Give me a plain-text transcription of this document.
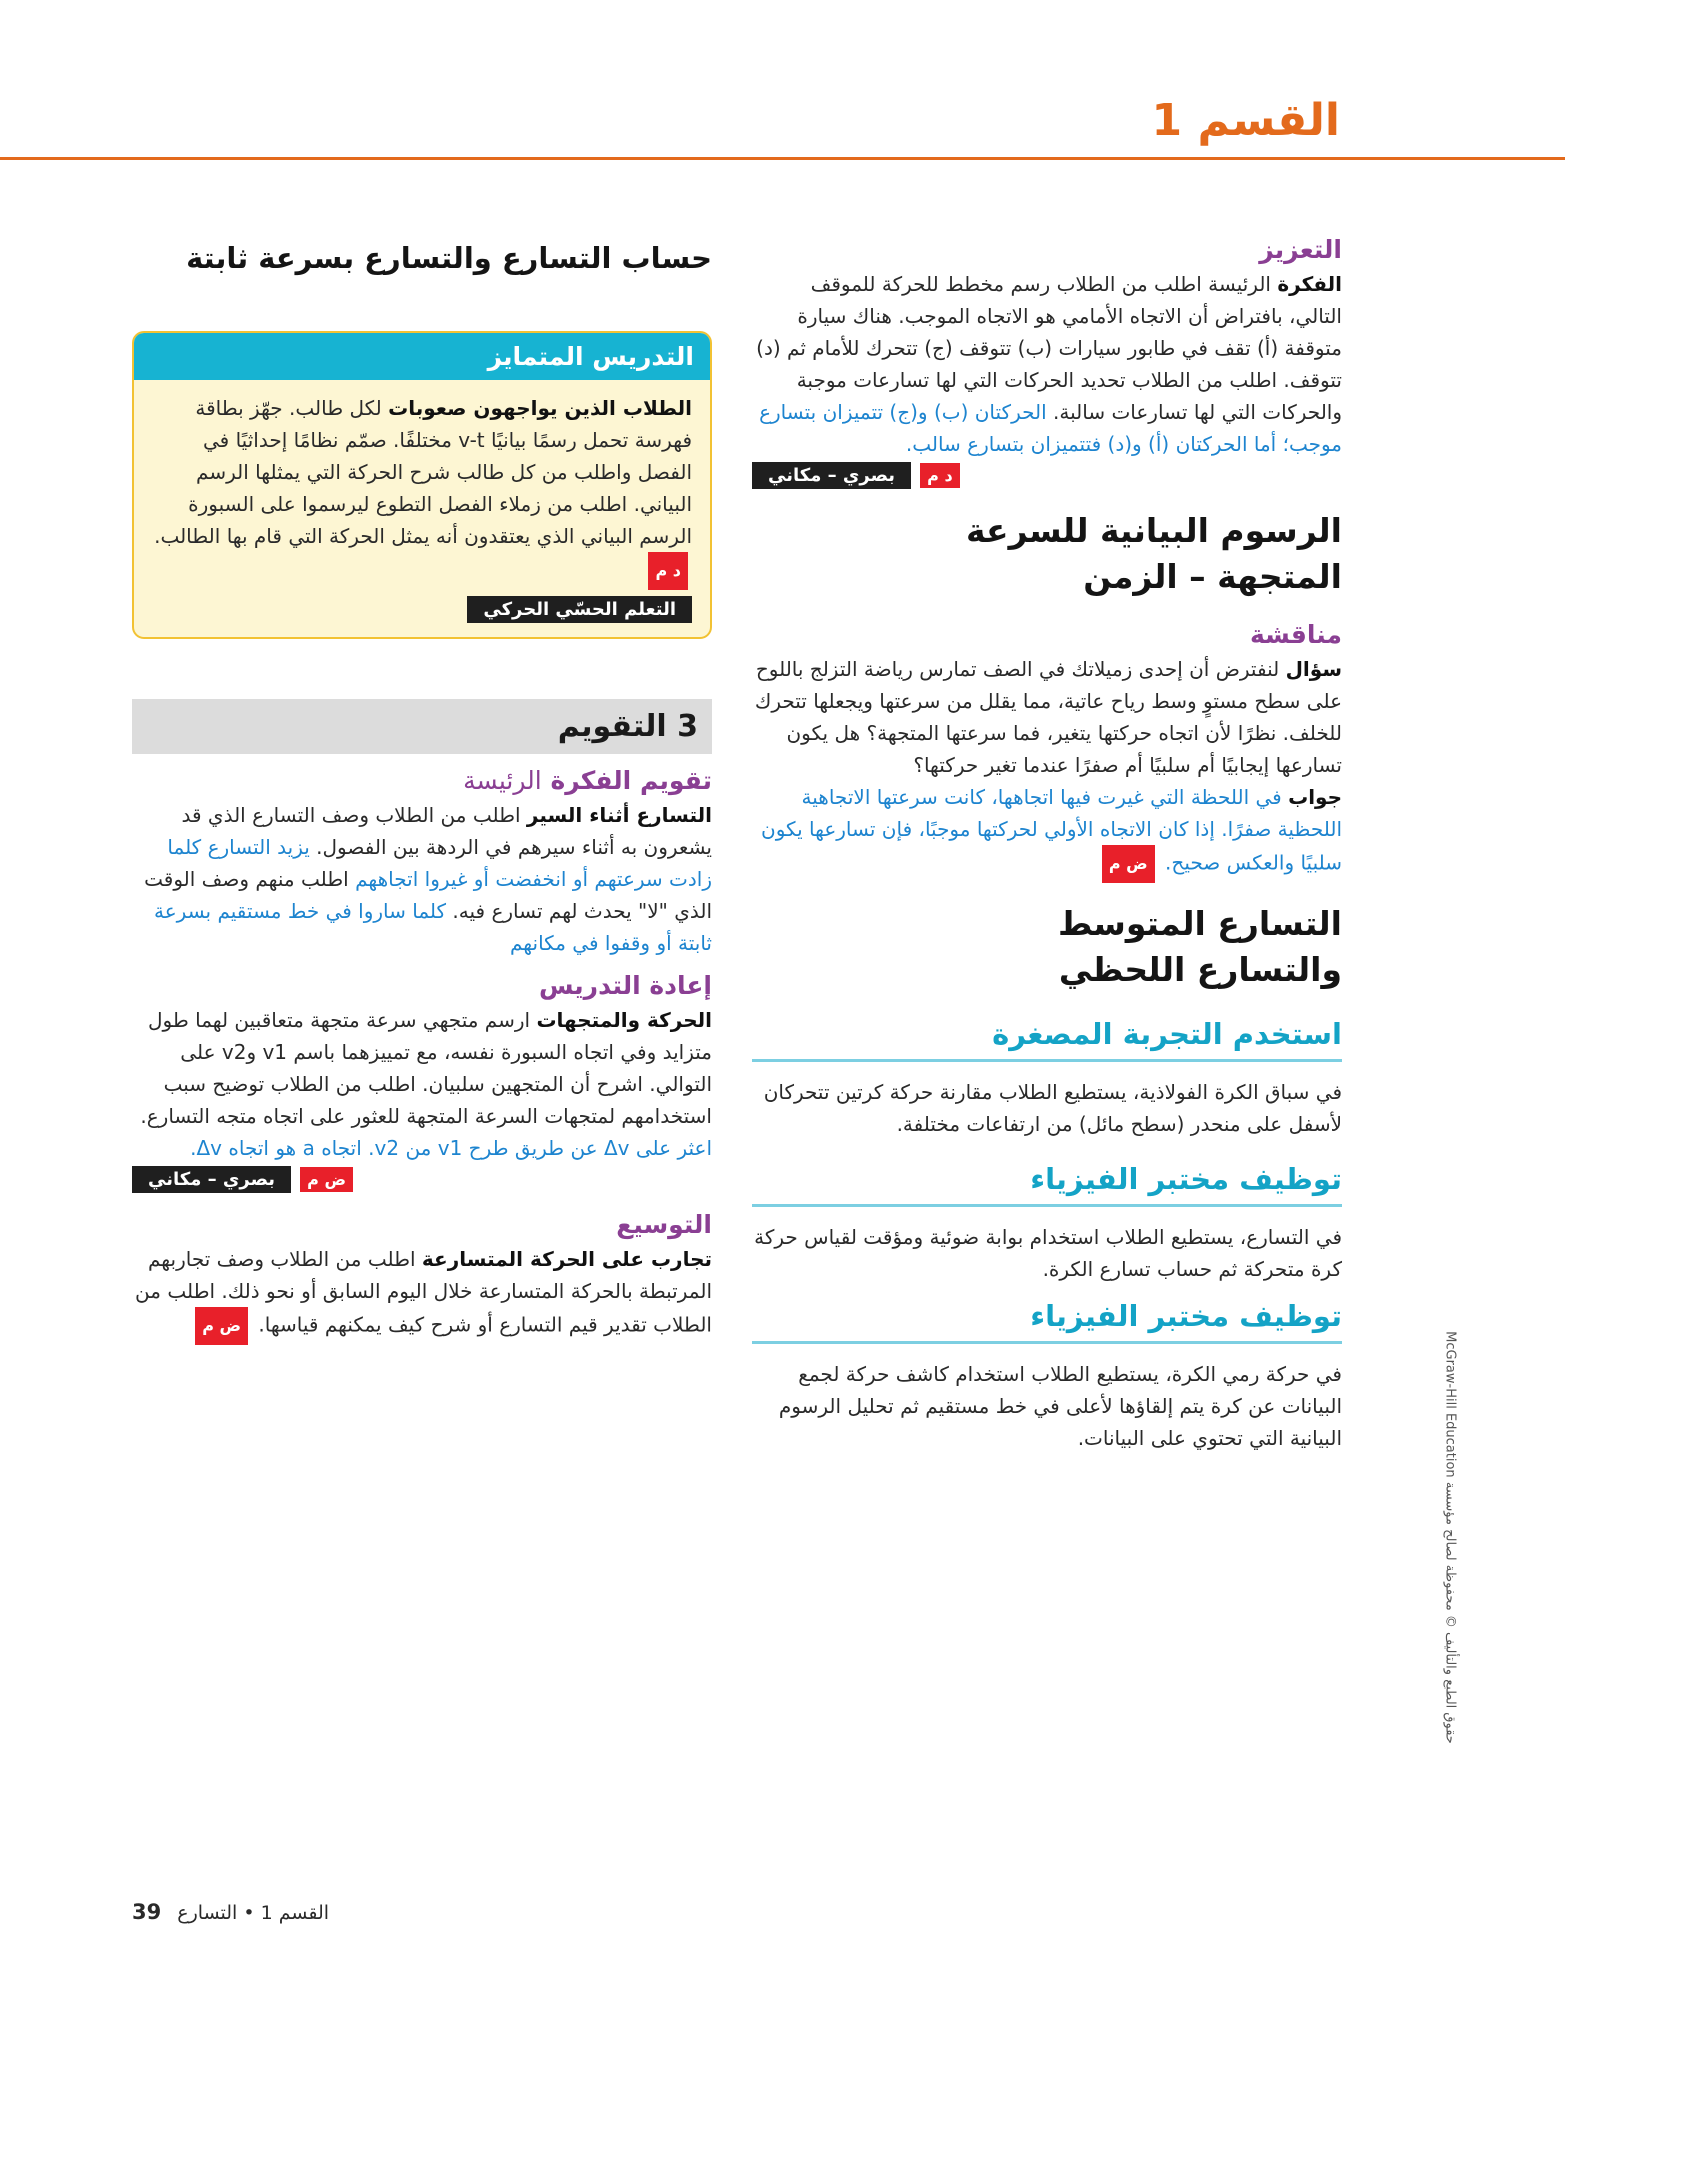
القسم 1
التعزيز

الفكرة الرئيسة اطلب من الطلاب رسم مخطط للحركة للموقف التالي، بافتراض أن الاتجاه الأمامي هو الاتجاه الموجب. هناك سيارة متوقفة (أ) تقف في طابور سيارات (ب) تتوقف (ج) تتحرك للأمام ثم (د) تتوقف. اطلب من الطلاب تحديد الحركات التي لها تسارعات موجبة والحركات التي لها تسارعات سالبة. الحركتان (ب) و(ج) تتميزان بتسارع موجب؛ أما الحركتان (أ) و(د) فتتميزان بتسارع سالب.

د م بصري – مكاني
الرسوم البيانية للسرعة المتجهة – الزمن
مناقشة

سؤال لنفترض أن إحدى زميلاتك في الصف تمارس رياضة التزلج باللوح على سطح مستوٍ وسط رياح عاتية، مما يقلل من سرعتها ويجعلها تتحرك للخلف. نظرًا لأن اتجاه حركتها يتغير، فما سرعتها المتجهة؟ هل يكون تسارعها إيجابيًا أم سلبيًا أم صفرًا عندما تغير حركتها؟

جواب في اللحظة التي غيرت فيها اتجاهها، كانت سرعتها الاتجاهية اللحظية صفرًا. إذا كان الاتجاه الأولي لحركتها موجبًا، فإن تسارعها يكون سلبيًا والعكس صحيح. ض م

التسارع المتوسط والتسارع اللحظي
استخدم التجربة المصغرة

في سباق الكرة الفولاذية، يستطيع الطلاب مقارنة حركة كرتين تتحركان لأسفل على منحدر (سطح مائل) من ارتفاعات مختلفة.

توظيف مختبر الفيزياء

في التسارع، يستطيع الطلاب استخدام بوابة ضوئية ومؤقت لقياس حركة كرة متحركة ثم حساب تسارع الكرة.

توظيف مختبر الفيزياء

في حركة رمي الكرة، يستطيع الطلاب استخدام كاشف حركة لجمع البيانات عن كرة يتم إلقاؤها لأعلى في خط مستقيم ثم تحليل الرسوم البيانية التي تحتوي على البيانات.

حساب التسارع والتسارع بسرعة ثابتة
التدريس المتمايز

الطلاب الذين يواجهون صعوبات لكل طالب. جهّز بطاقة فهرسة تحمل رسمًا بيانيًا v-t مختلفًا. صمّم نظامًا إحداثيًا في الفصل واطلب من كل طالب شرح الحركة التي يمثلها الرسم البياني. اطلب من زملاء الفصل التطوع ليرسموا على السبورة الرسم البياني الذي يعتقدون أنه يمثل الحركة التي قام بها الطالب. د م

التعلم الحسّي الحركي
3 التقويم
تقويم الفكرة الرئيسة

التسارع أثناء السير اطلب من الطلاب وصف التسارع الذي قد يشعرون به أثناء سيرهم في الردهة بين الفصول. يزيد التسارع كلما زادت سرعتهم أو انخفضت أو غيروا اتجاههم اطلب منهم وصف الوقت الذي "لا" يحدث لهم تسارع فيه. كلما ساروا في خط مستقيم بسرعة ثابتة أو وقفوا في مكانهم

إعادة التدريس

الحركة والمتجهات ارسم متجهي سرعة متجهة متعاقبين لهما طول متزايد وفي اتجاه السبورة نفسه، مع تمييزهما باسم v1 وv2 على التوالي. اشرح أن المتجهين سلبيان. اطلب من الطلاب توضيح سبب استخدامهم لمتجهات السرعة المتجهة للعثور على اتجاه متجه التسارع. اعثر على Δv عن طريق طرح v1 من v2. اتجاه a هو اتجاه Δv.

ض م بصري – مكاني
التوسيع

تجارب على الحركة المتسارعة اطلب من الطلاب وصف تجاربهم المرتبطة بالحركة المتسارعة خلال اليوم السابق أو نحو ذلك. اطلب من الطلاب تقدير قيم التسارع أو شرح كيف يمكنهم قياسها. ض م

39 القسم 1 • التسارع
حقوق الطبع والتأليف © محفوظة لصالح مؤسسة McGraw-Hill Education
